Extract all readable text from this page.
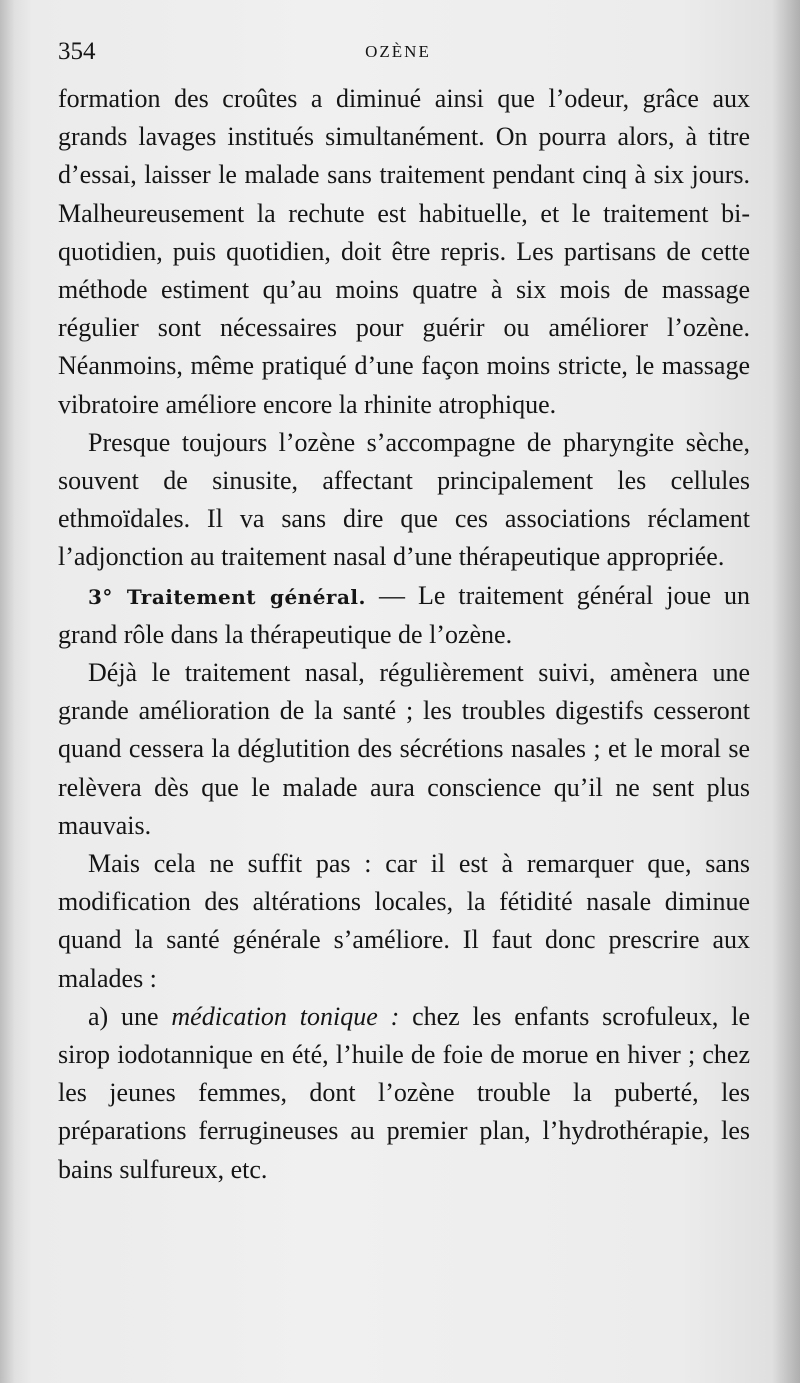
354	OZÈNE

formation des croûtes a diminué ainsi que l’odeur, grâce aux grands lavages institués simultanément. On pourra alors, à titre d’essai, laisser le malade sans traitement pendant cinq à six jours. Malheureusement la rechute est habituelle, et le traitement bi-quotidien, puis quotidien, doit être repris. Les partisans de cette méthode estiment qu’au moins quatre à six mois de massage régulier sont nécessaires pour guérir ou améliorer l’ozène. Néanmoins, même pratiqué d’une façon moins stricte, le massage vibratoire améliore encore la rhinite atrophique.

Presque toujours l’ozène s’accompagne de pharyngite sèche, souvent de sinusite, affectant principalement les cellules ethmoïdales. Il va sans dire que ces associations réclament l’adjonction au traitement nasal d’une thérapeutique appropriée.

3° Traitement général. — Le traitement général joue un grand rôle dans la thérapeutique de l’ozène.

Déjà le traitement nasal, régulièrement suivi, amènera une grande amélioration de la santé ; les troubles digestifs cesseront quand cessera la déglutition des sécrétions nasales ; et le moral se relèvera dès que le malade aura conscience qu’il ne sent plus mauvais.

Mais cela ne suffit pas : car il est à remarquer que, sans modification des altérations locales, la fétidité nasale diminue quand la santé générale s’améliore. Il faut donc prescrire aux malades :

a) une médication tonique : chez les enfants scrofuleux, le sirop iodotannique en été, l’huile de foie de morue en hiver ; chez les jeunes femmes, dont l’ozène trouble la puberté, les préparations ferrugineuses au premier plan, l’hydrothérapie, les bains sulfureux, etc.
